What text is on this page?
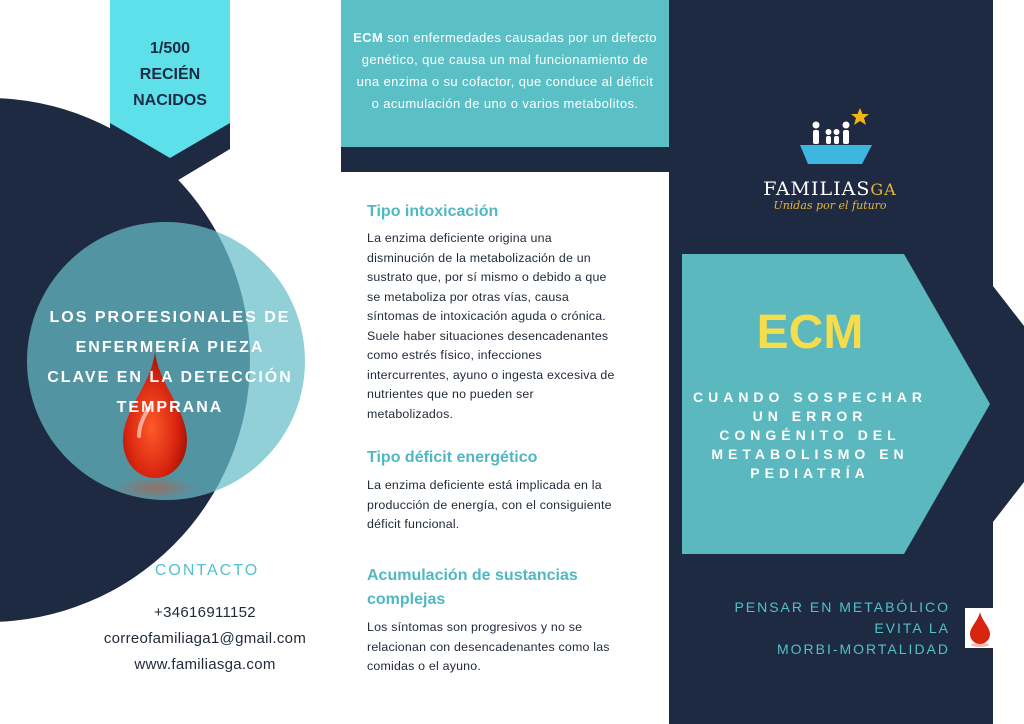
1/500
RECIÉN
NACIDOS
LOS PROFESIONALES DE
ENFERMERÍA PIEZA
CLAVE EN LA DETECCIÓN
TEMPRANA
CONTACTO
+34616911152
correofamiliaga1@gmail.com
www.familiasga.com
ECM son enfermedades causadas por un defecto genético, que causa un mal funcionamiento de una enzima o su cofactor, que conduce al déficit o acumulación de uno o varios metabolitos.
Tipo intoxicación
La enzima deficiente origina una disminución de la metabolización de un sustrato que, por sí mismo o debido a que se metaboliza por otras vías, causa síntomas de intoxicación aguda o crónica. Suele haber situaciones desencadenantes como estrés físico, infecciones intercurrentes, ayuno o ingesta excesiva de nutrientes que no pueden ser metabolizados.
Tipo déficit energético
La enzima deficiente está implicada en la producción de energía, con el consiguiente déficit funcional.
Acumulación de sustancias complejas
Los síntomas son progresivos y no se relacionan con desencadenantes como las comidas o el ayuno.
FAMILIASGA
Unidas por el futuro
ECM
CUANDO SOSPECHAR UN ERROR CONGÉNITO DEL METABOLISMO EN PEDIATRÍA
PENSAR EN METABÓLICO
EVITA LA
MORBI-MORTALIDAD
